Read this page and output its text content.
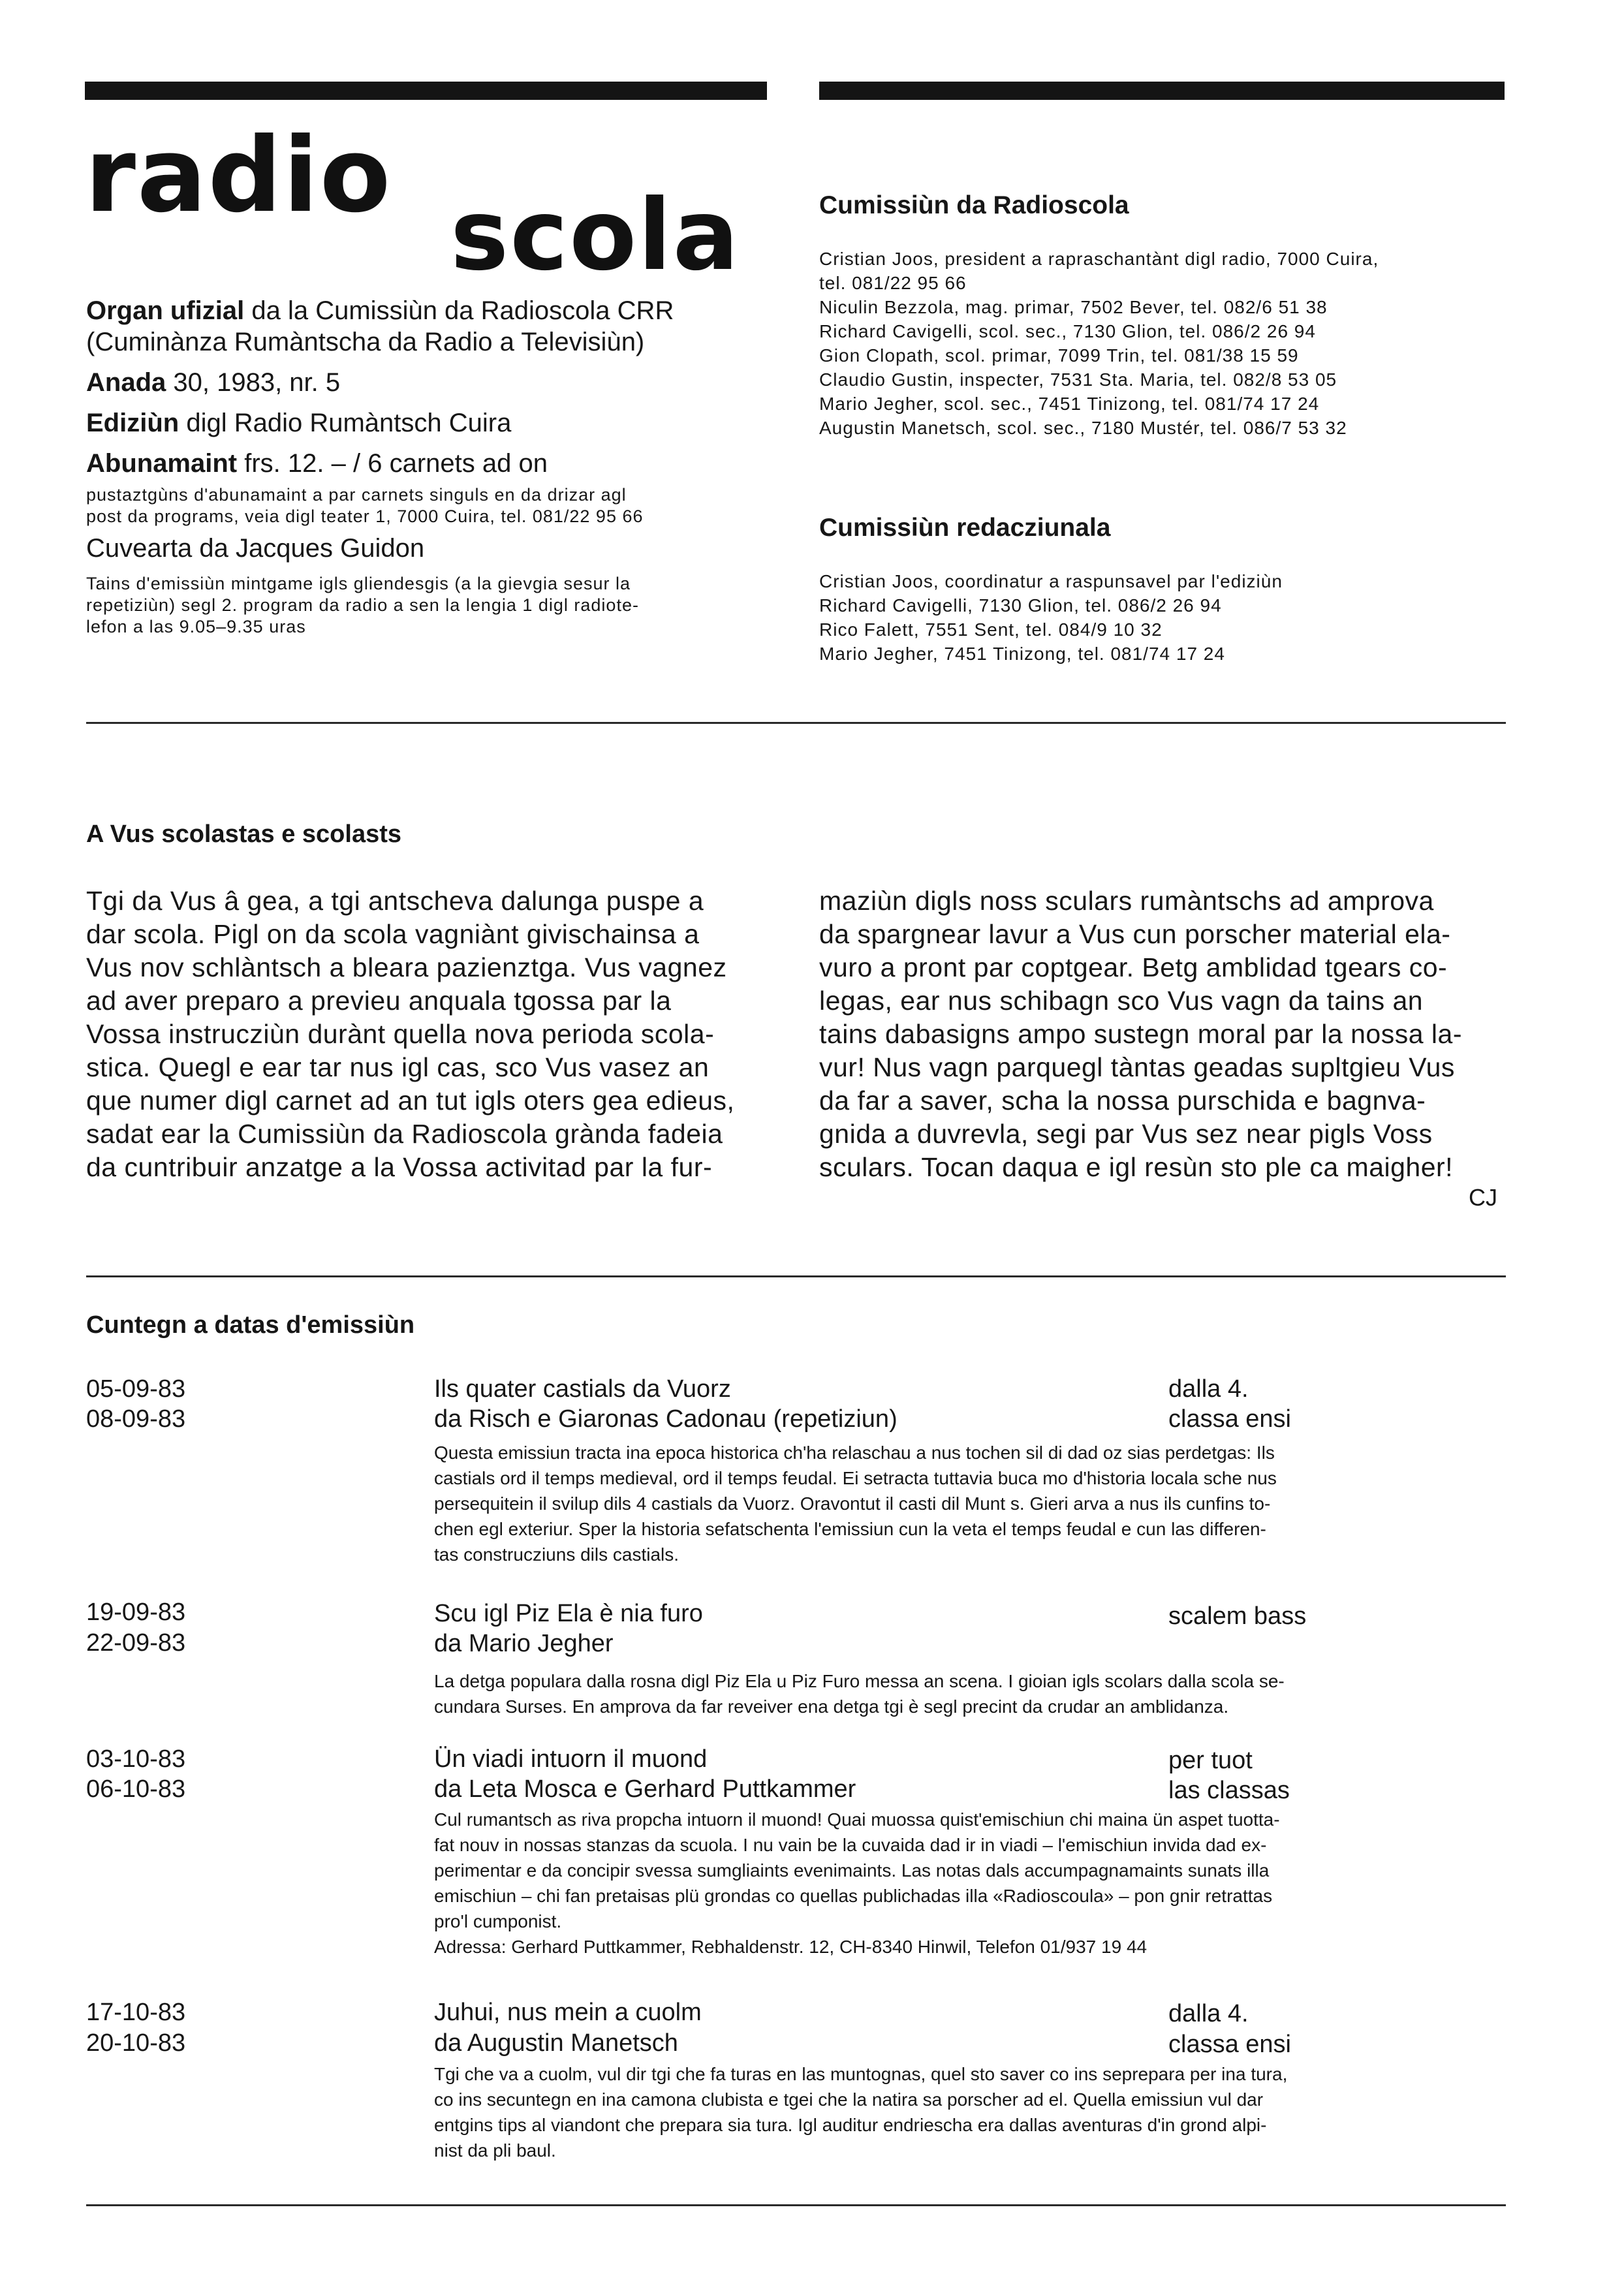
radio scola

Organ ufizial da la Cumissiùn da Radioscola CRR

(Cuminànza Rumàntscha da Radio a Televisiùn)

Anada 30, 1983, nr. 5

Ediziùn digl Radio Rumàntsch Cuira

Abunamaint frs. 12. – / 6 carnets ad on

pustaztgùns d'abunamaint a par carnets singuls en da drizar agl

post da programs, veia digl teater 1, 7000 Cuira, tel. 081/22 95 66

Cuvearta da Jacques Guidon

Tains d'emissiùn mintgame igls gliendesgis (a la gievgia sesur la

repetiziùn) segl 2. program da radio a sen la lengia 1 digl radiote-

lefon a las 9.05–9.35 uras

Cumissiùn da Radioscola

Cristian Joos, president a rapraschantànt digl radio, 7000 Cuira,

tel. 081/22 95 66

Niculin Bezzola, mag. primar, 7502 Bever, tel. 082/6 51 38

Richard Cavigelli, scol. sec., 7130 Glion, tel. 086/2 26 94

Gion Clopath, scol. primar, 7099 Trin, tel. 081/38 15 59

Claudio Gustin, inspecter, 7531 Sta. Maria, tel. 082/8 53 05

Mario Jegher, scol. sec., 7451 Tinizong, tel. 081/74 17 24

Augustin Manetsch, scol. sec., 7180 Mustér, tel. 086/7 53 32

Cumissiùn redacziunala

Cristian Joos, coordinatur a raspunsavel par l'ediziùn

Richard Cavigelli, 7130 Glion, tel. 086/2 26 94

Rico Falett, 7551 Sent, tel. 084/9 10 32

Mario Jegher, 7451 Tinizong, tel. 081/74 17 24

A Vus scolastas e scolasts

Tgi da Vus â gea, a tgi antscheva dalunga puspe a

dar scola. Pigl on da scola vagniànt givischainsa a

Vus nov schlàntsch a bleara pazienztga. Vus vagnez

ad aver preparo a previeu anquala tgossa par la

Vossa instrucziùn durànt quella nova perioda scola-

stica. Quegl e ear tar nus igl cas, sco Vus vasez an

que numer digl carnet ad an tut igls oters gea edieus,

sadat ear la Cumissiùn da Radioscola grànda fadeia

da cuntribuir anzatge a la Vossa activitad par la fur-

maziùn digls noss sculars rumàntschs ad amprova

da spargnear lavur a Vus cun porscher material ela-

vuro a pront par coptgear. Betg amblidad tgears co-

legas, ear nus schibagn sco Vus vagn da tains an

tains dabasigns ampo sustegn moral par la nossa la-

vur! Nus vagn parquegl tàntas geadas supltgieu Vus

da far a saver, scha la nossa purschida e bagnva-

gnida a duvrevla, segi par Vus sez near pigls Voss

sculars. Tocan daqua e igl resùn sto ple ca maigher!

CJ
Cuntegn a datas d'emissiùn
05-09-83
08-09-83
Ils quater castials da Vuorz
da Risch e Giaronas Cadonau (repetiziun)
dalla 4.
classa ensi
Questa emissiun tracta ina epoca historica ch'ha relaschau a nus tochen sil di dad oz sias perdetgas: Ils
castials ord il temps medieval, ord il temps feudal. Ei setracta tuttavia buca mo d'historia locala sche nus
persequitein il svilup dils 4 castials da Vuorz. Oravontut il casti dil Munt s. Gieri arva a nus ils cunfins to-
chen egl exteriur. Sper la historia sefatschenta l'emissiun cun la veta el temps feudal e cun las differen-
tas construcziuns dils castials.
19-09-83
22-09-83
Scu igl Piz Ela è nia furo
da Mario Jegher
scalem bass
La detga populara dalla rosna digl Piz Ela u Piz Furo messa an scena. I gioian igls scolars dalla scola se-
cundara Surses. En amprova da far reveiver ena detga tgi è segl precint da crudar an amblidanza.
03-10-83
06-10-83
Ün viadi intuorn il muond
da Leta Mosca e Gerhard Puttkammer
per tuot
las classas
Cul rumantsch as riva propcha intuorn il muond! Quai muossa quist'emischiun chi maina ün aspet tuotta-
fat nouv in nossas stanzas da scuola. I nu vain be la cuvaida dad ir in viadi – l'emischiun invida dad ex-
perimentar e da concipir svessa sumgliaints evenimaints. Las notas dals accumpagnamaints sunats illa
emischiun – chi fan pretaisas plü grondas co quellas publichadas illa «Radioscoula» – pon gnir retrattas
pro'l cumponist.
Adressa: Gerhard Puttkammer, Rebhaldenstr. 12, CH-8340 Hinwil, Telefon 01/937 19 44
17-10-83
20-10-83
Juhui, nus mein a cuolm
da Augustin Manetsch
dalla 4.
classa ensi
Tgi che va a cuolm, vul dir tgi che fa turas en las muntognas, quel sto saver co ins seprepara per ina tura,
co ins secuntegn en ina camona clubista e tgei che la natira sa porscher ad el. Quella emissiun vul dar
entgins tips al viandont che prepara sia tura. Igl auditur endriescha era dallas aventuras d'in grond alpi-
nist da pli baul.
